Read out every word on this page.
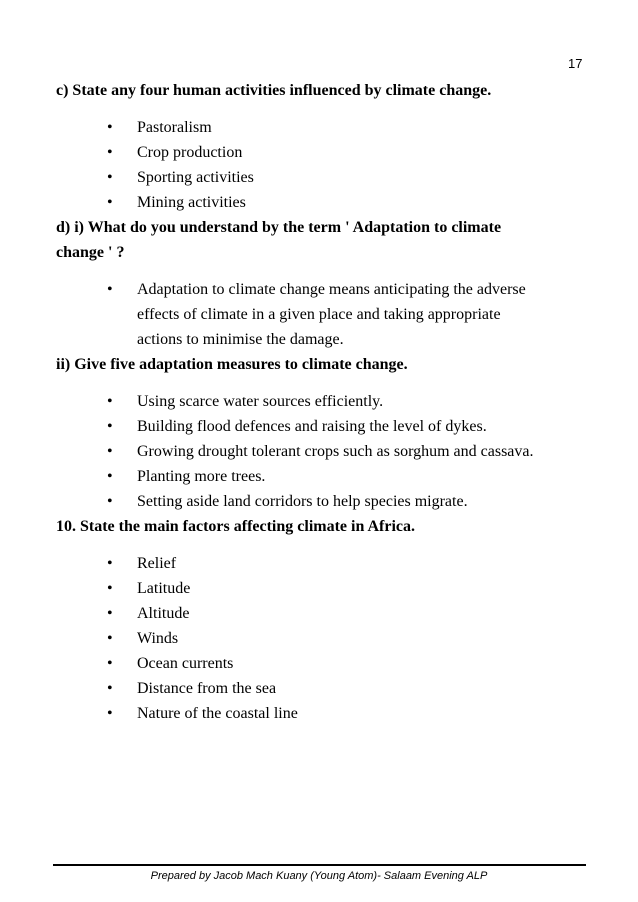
17

c) State any four human activities influenced by climate change.

• Pastoralism
• Crop production
• Sporting activities
• Mining activities

d) i) What do you understand by the term ' Adaptation to climate

change ' ?

• Adaptation to climate change means anticipating the adverse
effects of climate in a given place and taking appropriate
actions to minimise the damage.

ii) Give five adaptation measures to climate change.

• Using scarce water sources efficiently.
• Building flood defences and raising the level of dykes.
• Growing drought tolerant crops such as sorghum and cassava.
• Planting more trees.
• Setting aside land corridors to help species migrate.

10. State the main factors affecting climate in Africa.

• Relief
• Latitude
• Altitude
• Winds
• Ocean currents
• Distance from the sea
• Nature of the coastal line
Prepared by Jacob Mach Kuany (Young Atom)- Salaam Evening ALP
